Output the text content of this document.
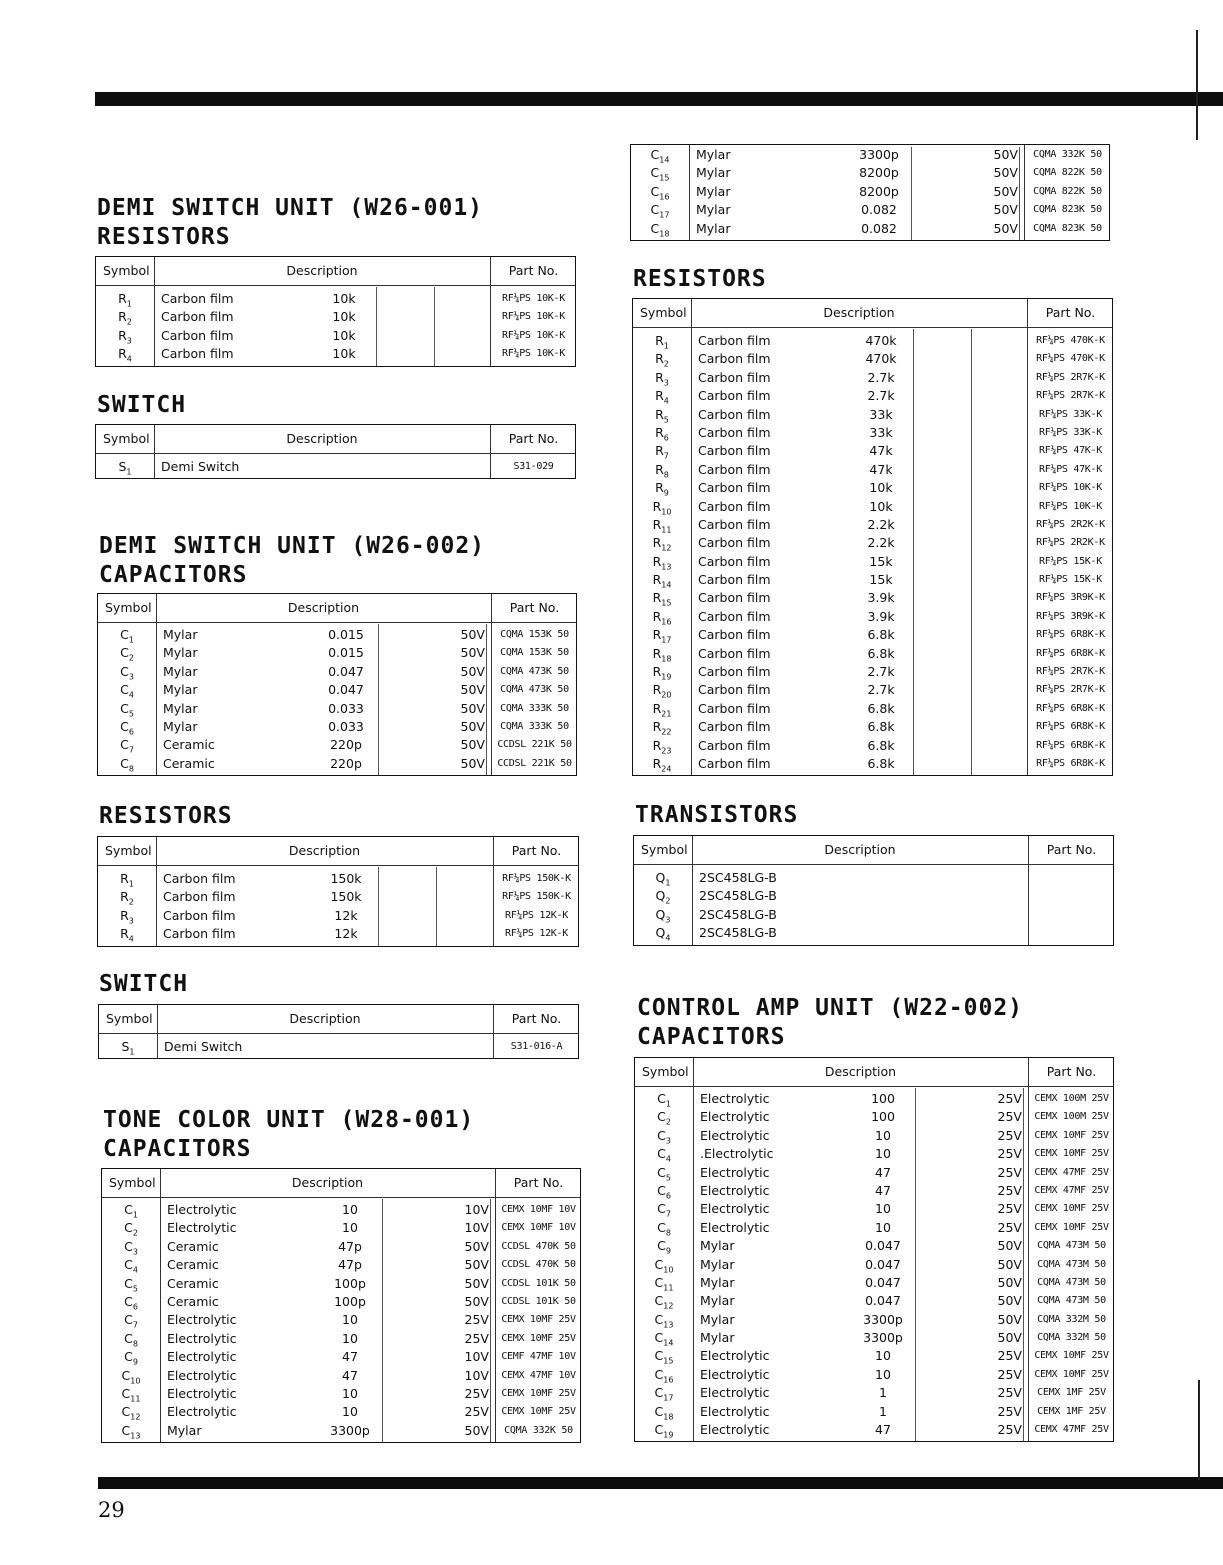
29
DEMI SWITCH UNIT (W26-001)
RESISTORS
SWITCH
DEMI SWITCH UNIT (W26-002)
CAPACITORS
RESISTORS
SWITCH
TONE COLOR UNIT (W28-001)
CAPACITORS
RESISTORS
TRANSISTORS
CONTROL AMP UNIT (W22-002)
CAPACITORS
Symbol	Description	Part No.
$R_1$	Carbon film	10k	RF¼PS 10K-K
$R_2$	Carbon film	10k	RF¼PS 10K-K
$R_3$	Carbon film	10k	RF¼PS 10K-K
$R_4$	Carbon film	10k	RF¼PS 10K-K
Symbol	Description	Part No.
$S_1$	Demi Switch	S31-029
Symbol	Description	Part No.
$C_1$	Mylar	0.015	50V	CQMA 153K 50
$C_2$	Mylar	0.015	50V	CQMA 153K 50
$C_3$	Mylar	0.047	50V	CQMA 473K 50
$C_4$	Mylar	0.047	50V	CQMA 473K 50
$C_5$	Mylar	0.033	50V	CQMA 333K 50
$C_6$	Mylar	0.033	50V	CQMA 333K 50
$C_7$	Ceramic	220p	50V CCDSL 221K 50
$C_8$	Ceramic	220p	50V CCDSL 221K 50
Symbol	Description	Part No.
$R_1$	Carbon film	150k	RF¼PS 150K-K
$R_2$	Carbon film	150k	RF¼PS 150K-K
$R_3$	Carbon film	12k	RF¼PS 12K-K
$R_4$	Carbon film	12k	RF¼PS 12K-K
Symbol	Description	Part No.
$S_1$	Demi Switch	S31-016-A
Symbol	Description	Part No.
$C_1$	Electrolytic	10	10V CEMX 10MF 10V
$C_2$	Electrolytic	10	10V CEMX 10MF 10V
$C_3$	Ceramic	47p	50V CCDSL 470K 50
$C_4$	Ceramic	47p	50V CCDSL 470K 50
$C_5$	Ceramic	100p	50V CCDSL 101K 50
$C_6$	Ceramic	100p	50V CCDSL 101K 50
$C_7$	Electrolytic	10	25V CEMX 10MF 25V
$C_8$	Electrolytic	10	25V CEMX 10MF 25V
$C_9$	Electrolytic	47	10V CEMF 47MF 10V
$C_{10}$	Electrolytic	47	10V CEMX 47MF 10V
$C_{11}$	Electrolytic	10	25V CEMX 10MF 25V
$C_{12}$	Electrolytic	10	25V CEMX 10MF 25V
$C_{13}$	Mylar	3300p	50V	CQMA 332K 50
$C_{14}$	Mylar	3300p	50V	CQMA 332K 50
$C_{15}$	Mylar	8200p	50V	CQMA 822K 50
$C_{16}$	Mylar	8200p	50V	CQMA 822K 50
$C_{17}$	Mylar	0.082	50V	CQMA 823K 50
$C_{18}$	Mylar	0.082	50V	CQMA 823K 50
Symbol	Description	Part No.
$R_1$	Carbon film	470k	RF¼PS 470K-K
$R_2$	Carbon film	470k	RF¼PS 470K-K
$R_3$	Carbon film	2.7k	RF¼PS 2R7K-K
$R_4$	Carbon film	2.7k	RF¼PS 2R7K-K
$R_5$	Carbon film	33k	RF¼PS 33K-K
$R_6$	Carbon film	33k	RF¼PS 33K-K
$R_7$	Carbon film	47k	RF¼PS 47K-K
$R_8$	Carbon film	47k	RF¼PS 47K-K
$R_9$	Carbon film	10k	RF¼PS 10K-K
$R_{10}$	Carbon film	10k	RF¼PS 10K-K
$R_{11}$	Carbon film	2.2k	RF¼PS 2R2K-K
$R_{12}$	Carbon film	2.2k	RF¼PS 2R2K-K
$R_{13}$	Carbon film	15k	RF¼PS 15K-K
$R_{14}$	Carbon film	15k	RF¼PS 15K-K
$R_{15}$	Carbon film	3.9k	RF¼PS 3R9K-K
$R_{16}$	Carbon film	3.9k	RF¼PS 3R9K-K
$R_{17}$	Carbon film	6.8k	RF¼PS 6R8K-K
$R_{18}$	Carbon film	6.8k	RF¼PS 6R8K-K
$R_{19}$	Carbon film	2.7k	RF¼PS 2R7K-K
$R_{20}$	Carbon film	2.7k	RF¼PS 2R7K-K
$R_{21}$	Carbon film	6.8k	RF¼PS 6R8K-K
$R_{22}$	Carbon film	6.8k	RF¼PS 6R8K-K
$R_{23}$	Carbon film	6.8k	RF¼PS 6R8K-K
$R_{24}$	Carbon film	6.8k	RF¼PS 6R8K-K
Symbol	Description	Part No.
$Q_1$	2SC458LG-B
$Q_2$	2SC458LG-B
$Q_3$	2SC458LG-B
$Q_4$	2SC458LG-B
Symbol	Description	Part No.
$C_1$	Electrolytic	100	25V CEMX 100M 25V
$C_2$	Electrolytic	100	25V CEMX 100M 25V
$C_3$	Electrolytic	10	25V CEMX 10MF 25V
$C_4$	.Electrolytic	10	25V CEMX 10MF 25V
$C_5$	Electrolytic	47	25V CEMX 47MF 25V
$C_6$	Electrolytic	47	25V CEMX 47MF 25V
$C_7$	Electrolytic	10	25V CEMX 10MF 25V
$C_8$	Electrolytic	10	25V CEMX 10MF 25V
$C_9$	Mylar	0.047	50V	CQMA 473M 50
$C_{10}$	Mylar	0.047	50V	CQMA 473M 50
$C_{11}$	Mylar	0.047	50V	CQMA 473M 50
$C_{12}$	Mylar	0.047	50V	CQMA 473M 50
$C_{13}$	Mylar	3300p	50V	CQMA 332M 50
$C_{14}$	Mylar	3300p	50V	CQMA 332M 50
$C_{15}$	Electrolytic	10	25V CEMX 10MF 25V
$C_{16}$	Electrolytic	10	25V CEMX 10MF 25V
$C_{17}$	Electrolytic	1	25V	CEMX 1MF 25V
$C_{18}$	Electrolytic	1	25V	CEMX 1MF 25V
$C_{19}$	Electrolytic	47	25V CEMX 47MF 25V
